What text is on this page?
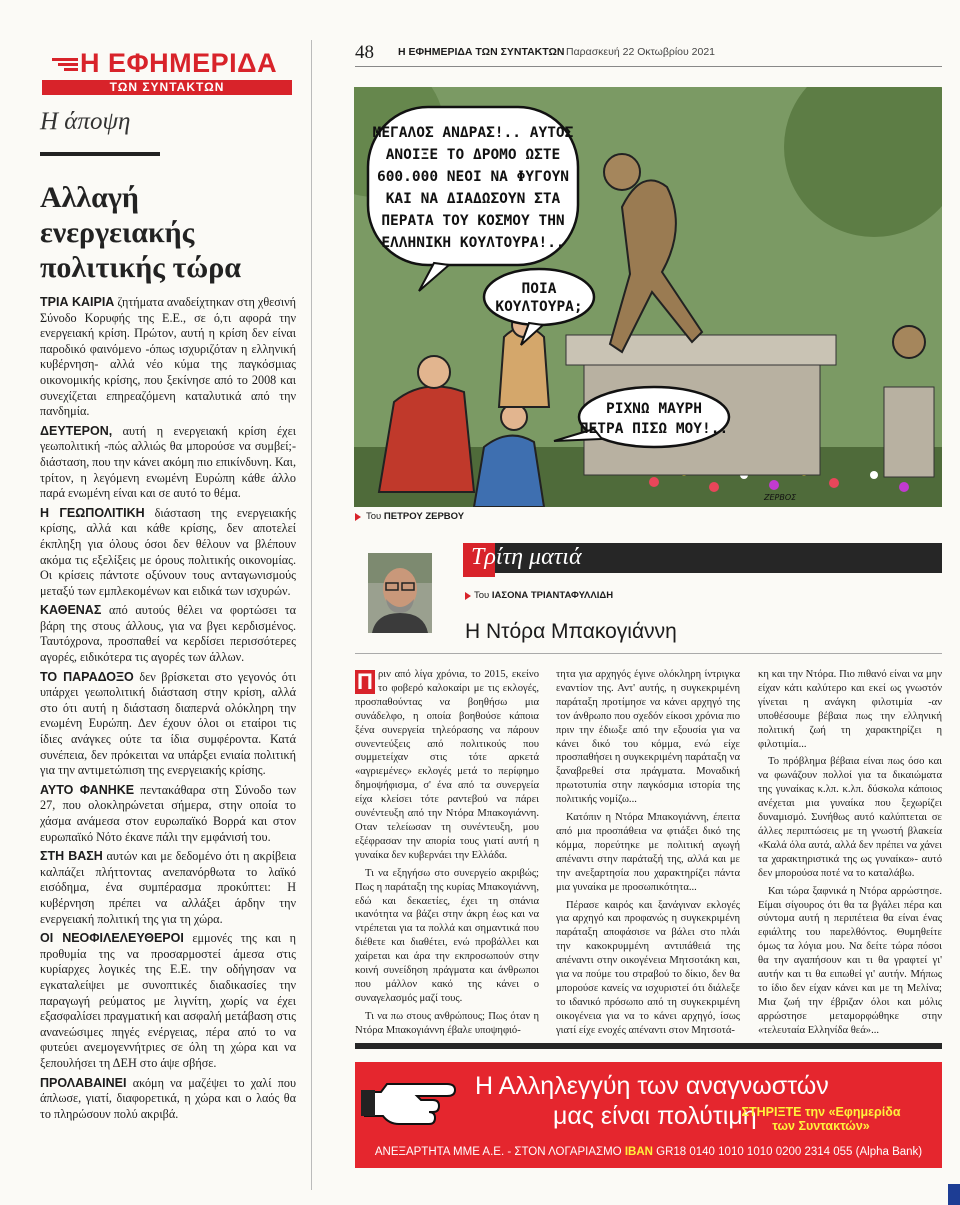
Η ΕΦΗΜΕΡΙΔΑ
ΤΩΝ ΣΥΝΤΑΚΤΩΝ
Η άποψη
Αλλαγή ενεργειακής πολιτικής τώρα

ΤΡΙΑ ΚΑΙΡΙΑ ζητήματα αναδείχτηκαν στη χθεσινή Σύνοδο Κορυφής της Ε.Ε., σε ό,τι αφορά την ενεργειακή κρίση. Πρώτον, αυτή η κρίση δεν είναι παροδικό φαινόμενο -όπως ισχυριζόταν η ελληνική κυβέρνηση- αλλά νέο κύμα της παγκόσμιας οικονομικής κρίσης, που ξεκίνησε από το 2008 και συνεχίζεται επηρεαζόμενη καταλυτικά από την πανδημία.

ΔΕΥΤΕΡΟΝ, αυτή η ενεργειακή κρίση έχει γεωπολιτική -πώς αλλιώς θα μπορούσε να συμβεί;- διάσταση, που την κάνει ακόμη πιο επικίνδυνη. Και, τρίτον, η λεγόμενη ενωμένη Ευρώπη κάθε άλλο παρά ενωμένη είναι και σε αυτό το θέμα.

Η ΓΕΩΠΟΛΙΤΙΚΗ διάσταση της ενεργειακής κρίσης, αλλά και κάθε κρίσης, δεν αποτελεί έκπληξη για όλους όσοι δεν θέλουν να βλέπουν ακόμα τις εξελίξεις με όρους πολιτικής οικονομίας. Οι κρίσεις πάντοτε οξύνουν τους ανταγωνισμούς μεταξύ των εμπλεκομένων και ειδικά των ισχυρών.

ΚΑΘΕΝΑΣ από αυτούς θέλει να φορτώσει τα βάρη της στους άλλους, για να βγει κερδισμένος. Ταυτόχρονα, προσπαθεί να κερδίσει περισσότερες αγορές, ειδικότερα τις αγορές των άλλων.

ΤΟ ΠΑΡΑΔΟΞΟ δεν βρίσκεται στο γεγονός ότι υπάρχει γεωπολιτική διάσταση στην κρίση, αλλά στο ότι αυτή η διάσταση διαπερνά ολόκληρη την ενωμένη Ευρώπη. Δεν έχουν όλοι οι εταίροι τις ίδιες ανάγκες ούτε τα ίδια συμφέροντα. Κατά συνέπεια, δεν πρόκειται να υπάρξει ενιαία πολιτική για την αντιμετώπιση της ενεργειακής κρίσης.

ΑΥΤΟ ΦΑΝΗΚΕ πεντακάθαρα στη Σύνοδο των 27, που ολοκληρώνεται σήμερα, στην οποία το χάσμα ανάμεσα στον ευρωπαϊκό Βορρά και στον ευρωπαϊκό Νότο έκανε πάλι την εμφάνισή του.

ΣΤΗ ΒΑΣΗ αυτών και με δεδομένο ότι η ακρίβεια καλπάζει πλήττοντας ανεπανόρθωτα το λαϊκό εισόδημα, ένα συμπέρασμα προκύπτει: Η κυβέρνηση πρέπει να αλλάξει άρδην την ενεργειακή πολιτική της για τη χώρα.

ΟΙ ΝΕΟΦΙΛΕΛΕΥΘΕΡΟΙ εμμονές της και η προθυμία της να προσαρμοστεί άμεσα στις κυρίαρχες λογικές της Ε.Ε. την οδήγησαν να εγκαταλείψει με συνοπτικές διαδικασίες την παραγωγή ρεύματος με λιγνίτη, χωρίς να έχει εξασφαλίσει πραγματική και ασφαλή μετάβαση στις ανανεώσιμες πηγές ενέργειας, πέρα από το να φυτεύει ανεμογεννήτριες σε όλη τη χώρα και να ξεπουλήσει τη ΔΕΗ στο άψε σβήσε.

ΠΡΟΛΑΒΑΙΝΕΙ ακόμη να μαζέψει το χαλί που άπλωσε, γιατί, διαφορετικά, η χώρα και ο λαός θα το πληρώσουν πολύ ακριβά.

48 Η ΕΦΗΜΕΡΙΔΑ ΤΩΝ ΣΥΝΤΑΚΤΩΝ Παρασκευή 22 Οκτωβρίου 2021
ΜΕΓΑΛΟΣ ΑΝΔΡΑΣ!.. ΑΥΤΟΣ
ΑΝΟΙΞΕ ΤΟ ΔΡΟΜΟ ΩΣΤΕ
600.000 ΝΕΟΙ ΝΑ ΦΥΓΟΥΝ
ΚΑΙ ΝΑ ΔΙΑΔΩΣΟΥΝ ΣΤΑ
ΠΕΡΑΤΑ ΤΟΥ ΚΟΣΜΟΥ ΤΗΝ
ΕΛΛΗΝΙΚΗ ΚΟΥΛΤΟΥΡΑ!..
ΠΟΙΑ
ΚΟΥΛΤΟΥΡΑ;
ΡΙΧΝΩ ΜΑΥΡΗ
ΠΕΤΡΑ ΠΙΣΩ ΜΟΥ!..
ΖΕΡΒΟΣ
Του ΠΕΤΡΟΥ ΖΕΡΒΟΥ
Τρίτη ματιά
Του ΙΑΣΟΝΑ ΤΡΙΑΝΤΑΦΥΛΛΙΔΗ
Η Ντόρα Μπακογιάννη

Π ριν από λίγα χρόνια, το 2015, εκείνο το φοβερό καλοκαίρι με τις εκλογές, προσπαθούντας να βοηθήσω μια συνάδελφο, η οποία βοηθούσε κάποια ξένα συνεργεία τηλεόρασης να πάρουν συνεντεύξεις από πολιτικούς που συμμετείχαν στις τότε αρκετά «αγριεμένες» εκλογές μετά το περίφημο δημοψήφισμα, σ' ένα από τα συνεργεία είχα κλείσει τότε ραντεβού να πάρει συνέντευξη από την Ντόρα Μπακογιάννη. Οταν τελείωσαν τη συνέντευξη, μου εξέφρασαν την απορία τους γιατί αυτή η γυναίκα δεν κυβερνάει την Ελλάδα.

Τι να εξηγήσω στο συνεργείο ακριβώς; Πως η παράταξη της κυρίας Μπακογιάννη, εδώ και δεκαετίες, έχει τη σπάνια ικανότητα να βάζει στην άκρη έως και να ντρέπεται για τα πολλά και σημαντικά που διέθετε και διαθέτει, ενώ προβάλλει και χαίρεται και άρα την εκπροσωπούν στην κοινή συνείδηση πράγματα και άνθρωποι που μάλλον κακό της κάνει ο συναγελασμός μαζί τους.

Τι να πω στους ανθρώπους; Πως όταν η Ντόρα Μπακογιάννη έβαλε υποψηφιό-

τητα για αρχηγός έγινε ολόκληρη ίντριγκα εναντίον της. Αντ' αυτής, η συγκεκριμένη παράταξη προτίμησε να κάνει αρχηγό της τον άνθρωπο που σχεδόν είκοσι χρόνια πιο πριν την έδιωξε από την εξουσία για να κάνει δικό του κόμμα, ενώ είχε προσπαθήσει η συγκεκριμένη παράταξη να ξαναβρεθεί στα πράγματα. Μοναδική πρωτοτυπία στην παγκόσμια ιστορία της πολιτικής νομίζω...

Κατόπιν η Ντόρα Μπακογιάννη, έπειτα από μια προσπάθεια να φτιάξει δικό της κόμμα, πορεύτηκε με πολιτική αγωγή απέναντι στην παράταξή της, αλλά και με την ανεξαρτησία που χαρακτηρίζει πάντα μια γυναίκα με προσωπικότητα...

Πέρασε καιρός και ξανάγιναν εκλογές για αρχηγό και προφανώς η συγκεκριμένη παράταξη αποφάσισε να βάλει στο πλάι την κακοκρυμμένη αντιπάθειά της απέναντι στην οικογένεια Μητσοτάκη και, για να πούμε του στραβού το δίκιο, δεν θα μπορούσε κανείς να ισχυριστεί ότι διάλεξε το ιδανικό πρόσωπο από τη συγκεκριμένη οικογένεια για να το κάνει αρχηγό, ίσως γιατί είχε ενοχές απέναντι στον Μητσοτά-

κη και την Ντόρα. Πιο πιθανό είναι να μην είχαν κάτι καλύτερο και εκεί ως γνωστόν γίνεται η ανάγκη φιλοτιμία -αν υποθέσουμε βέβαια πως την ελληνική πολιτική ζωή τη χαρακτηρίζει η φιλοτιμία...

Το πρόβλημα βέβαια είναι πως όσο και να φωνάζουν πολλοί για τα δικαιώματα της γυναίκας κ.λπ. κ.λπ. δύσκολα κάποιος ανέχεται μια γυναίκα που ξεχωρίζει δυναμισμό. Συνήθως αυτό καλύπτεται σε άλλες περιπτώσεις με τη γνωστή βλακεία «Καλά όλα αυτά, αλλά δεν πρέπει να χάνει τα χαρακτηριστικά της ως γυναίκα»- αυτό δεν μπορούσα ποτέ να το καταλάβω.

Και τώρα ξαφνικά η Ντόρα αρρώστησε. Είμαι σίγουρος ότι θα τα βγάλει πέρα και σύντομα αυτή η περιπέτεια θα είναι ένας εφιάλτης του παρελθόντος. Θυμηθείτε όμως τα λόγια μου. Να δείτε τώρα πόσοι θα την αγαπήσουν και τι θα γραφτεί γι' αυτήν και τι θα ειπωθεί γι' αυτήν. Μήπως το ίδιο δεν είχαν κάνει και με τη Μελίνα; Μια ζωή την έβριζαν όλοι και μόλις αρρώστησε μεταμορφώθηκε στην «τελευταία Ελληνίδα θεά»...

Η Αλληλεγγύη των αναγνωστών
μας είναι πολύτιμη
ΣΤΗΡΙΞΤΕ την «Εφημερίδα των Συντακτών»
ΑΝΕΞΑΡΤΗΤΑ ΜΜΕ Α.Ε. - ΣΤΟΝ ΛΟΓΑΡΙΑΣΜΟ IBAN GR18 0140 1010 1010 0200 2314 055 (Alpha Bank)
